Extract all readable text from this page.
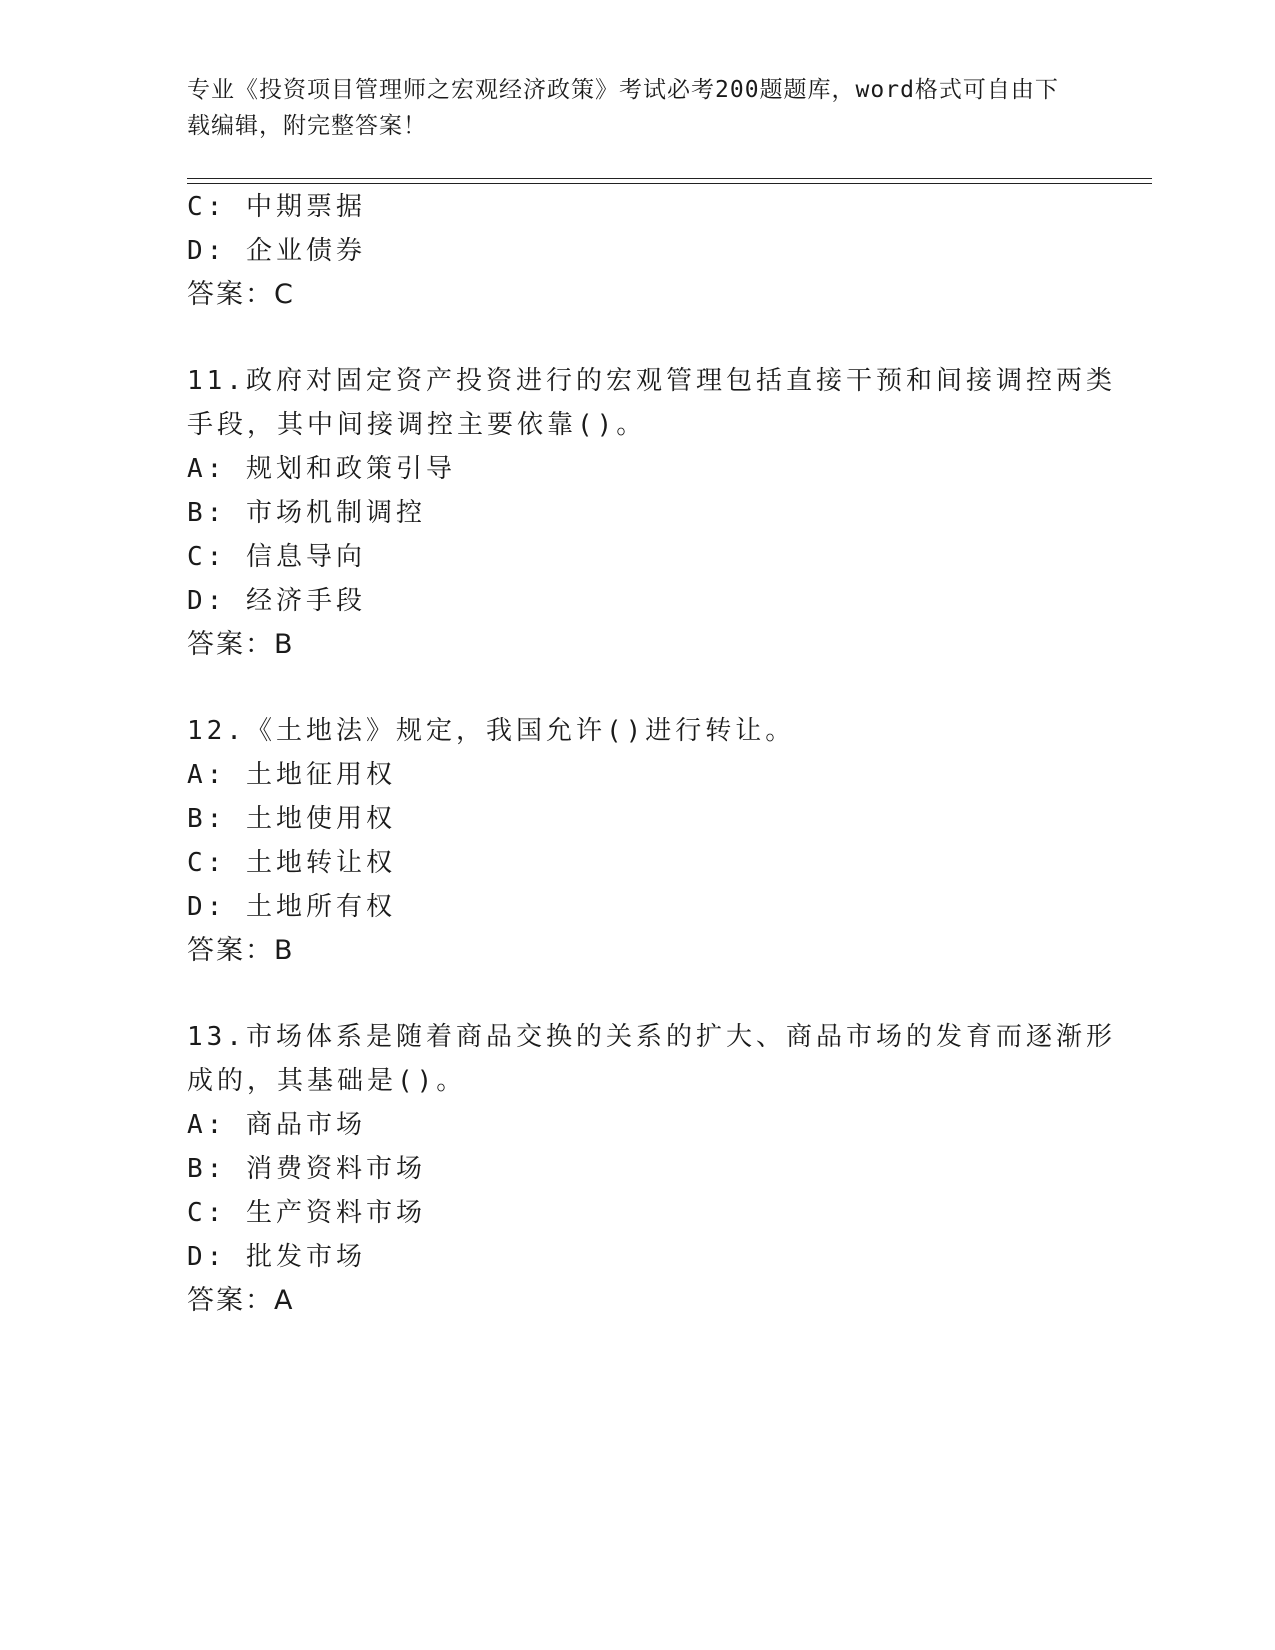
专业《投资项目管理师之宏观经济政策》考试必考200题题库，word格式可自由下载编辑，附完整答案！
C: 中期票据
D: 企业债券
答案：C
11.政府对固定资产投资进行的宏观管理包括直接干预和间接调控两类
手段，其中间接调控主要依靠()。
A: 规划和政策引导
B: 市场机制调控
C: 信息导向
D: 经济手段
答案：B
12.《土地法》规定，我国允许()进行转让。
A: 土地征用权
B: 土地使用权
C: 土地转让权
D: 土地所有权
答案：B
13.市场体系是随着商品交换的关系的扩大、商品市场的发育而逐渐形
成的，其基础是()。
A: 商品市场
B: 消费资料市场
C: 生产资料市场
D: 批发市场
答案：A
